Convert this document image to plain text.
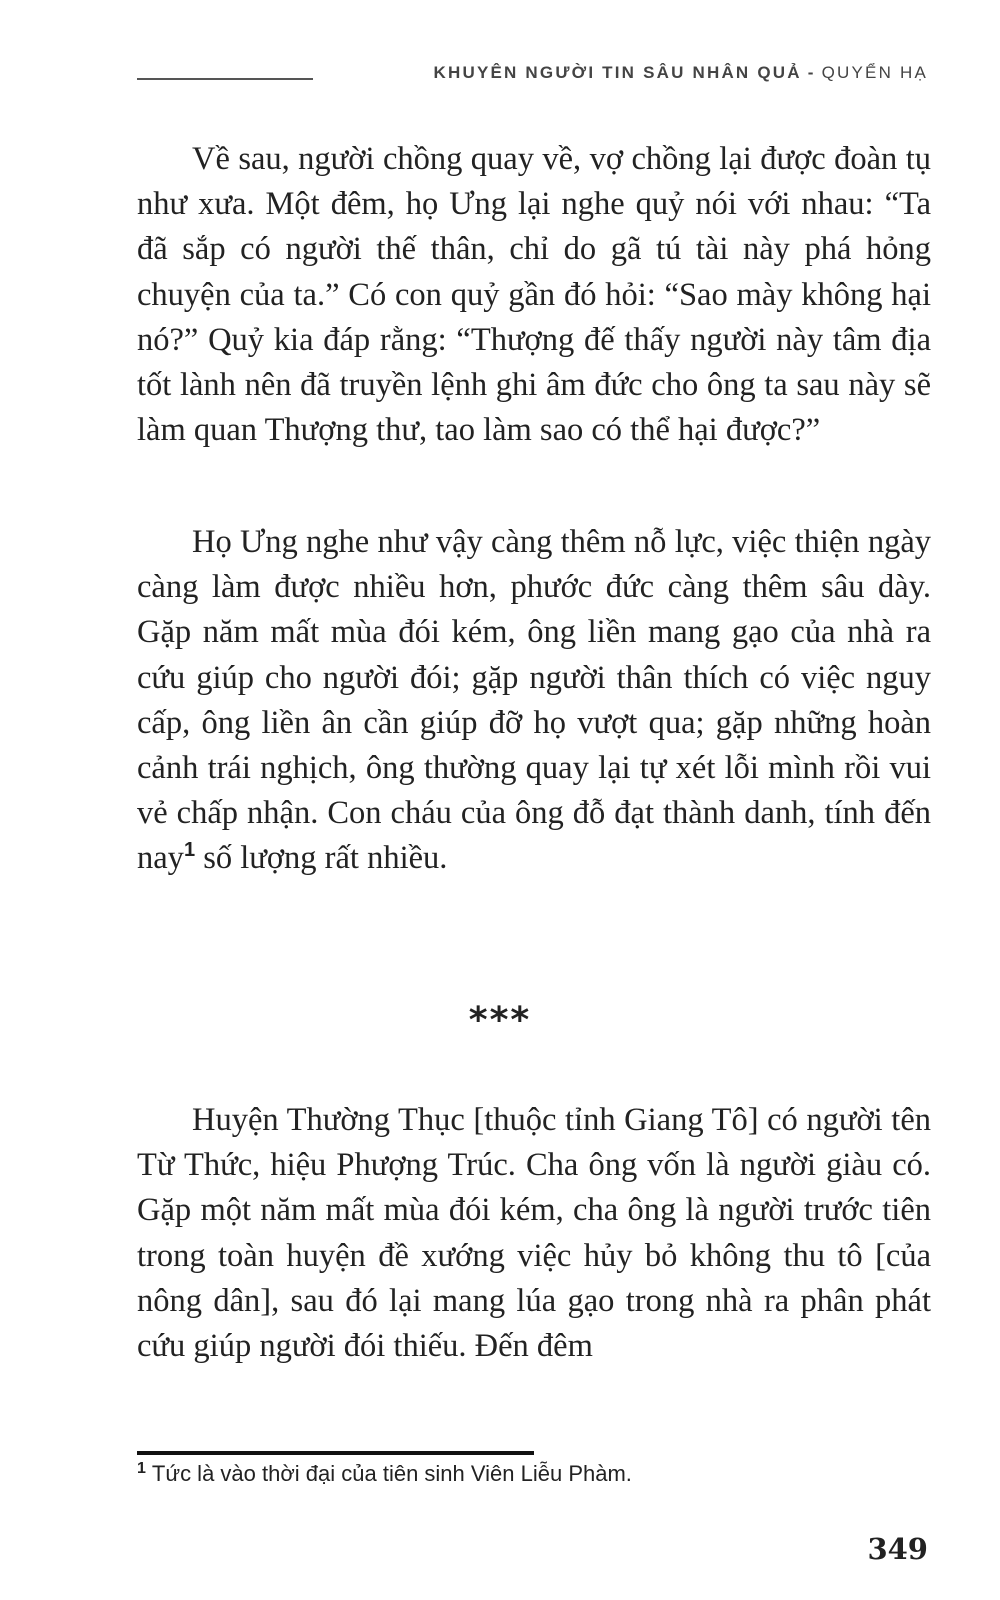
KHUYÊN NGƯỜI TIN SÂU NHÂN QUẢ - QUYỂN HẠ

Về sau, người chồng quay về, vợ chồng lại được đoàn tụ như xưa. Một đêm, họ Ưng lại nghe quỷ nói với nhau: “Ta đã sắp có người thế thân, chỉ do gã tú tài này phá hỏng chuyện của ta.” Có con quỷ gần đó hỏi: “Sao mày không hại nó?” Quỷ kia đáp rằng: “Thượng đế thấy người này tâm địa tốt lành nên đã truyền lệnh ghi âm đức cho ông ta sau này sẽ làm quan Thượng thư, tao làm sao có thể hại được?”

Họ Ưng nghe như vậy càng thêm nỗ lực, việc thiện ngày càng làm được nhiều hơn, phước đức càng thêm sâu dày. Gặp năm mất mùa đói kém, ông liền mang gạo của nhà ra cứu giúp cho người đói; gặp người thân thích có việc nguy cấp, ông liền ân cần giúp đỡ họ vượt qua; gặp những hoàn cảnh trái nghịch, ông thường quay lại tự xét lỗi mình rồi vui vẻ chấp nhận. Con cháu của ông đỗ đạt thành danh, tính đến nay$^1$ số lượng rất nhiều.

***

Huyện Thường Thục [thuộc tỉnh Giang Tô] có người tên Từ Thức, hiệu Phượng Trúc. Cha ông vốn là người giàu có. Gặp một năm mất mùa đói kém, cha ông là người trước tiên trong toàn huyện đề xướng việc hủy bỏ không thu tô [của nông dân], sau đó lại mang lúa gạo trong nhà ra phân phát cứu giúp người đói thiếu. Đến đêm

$^1$ Tức là vào thời đại của tiên sinh Viên Liễu Phàm.
349
